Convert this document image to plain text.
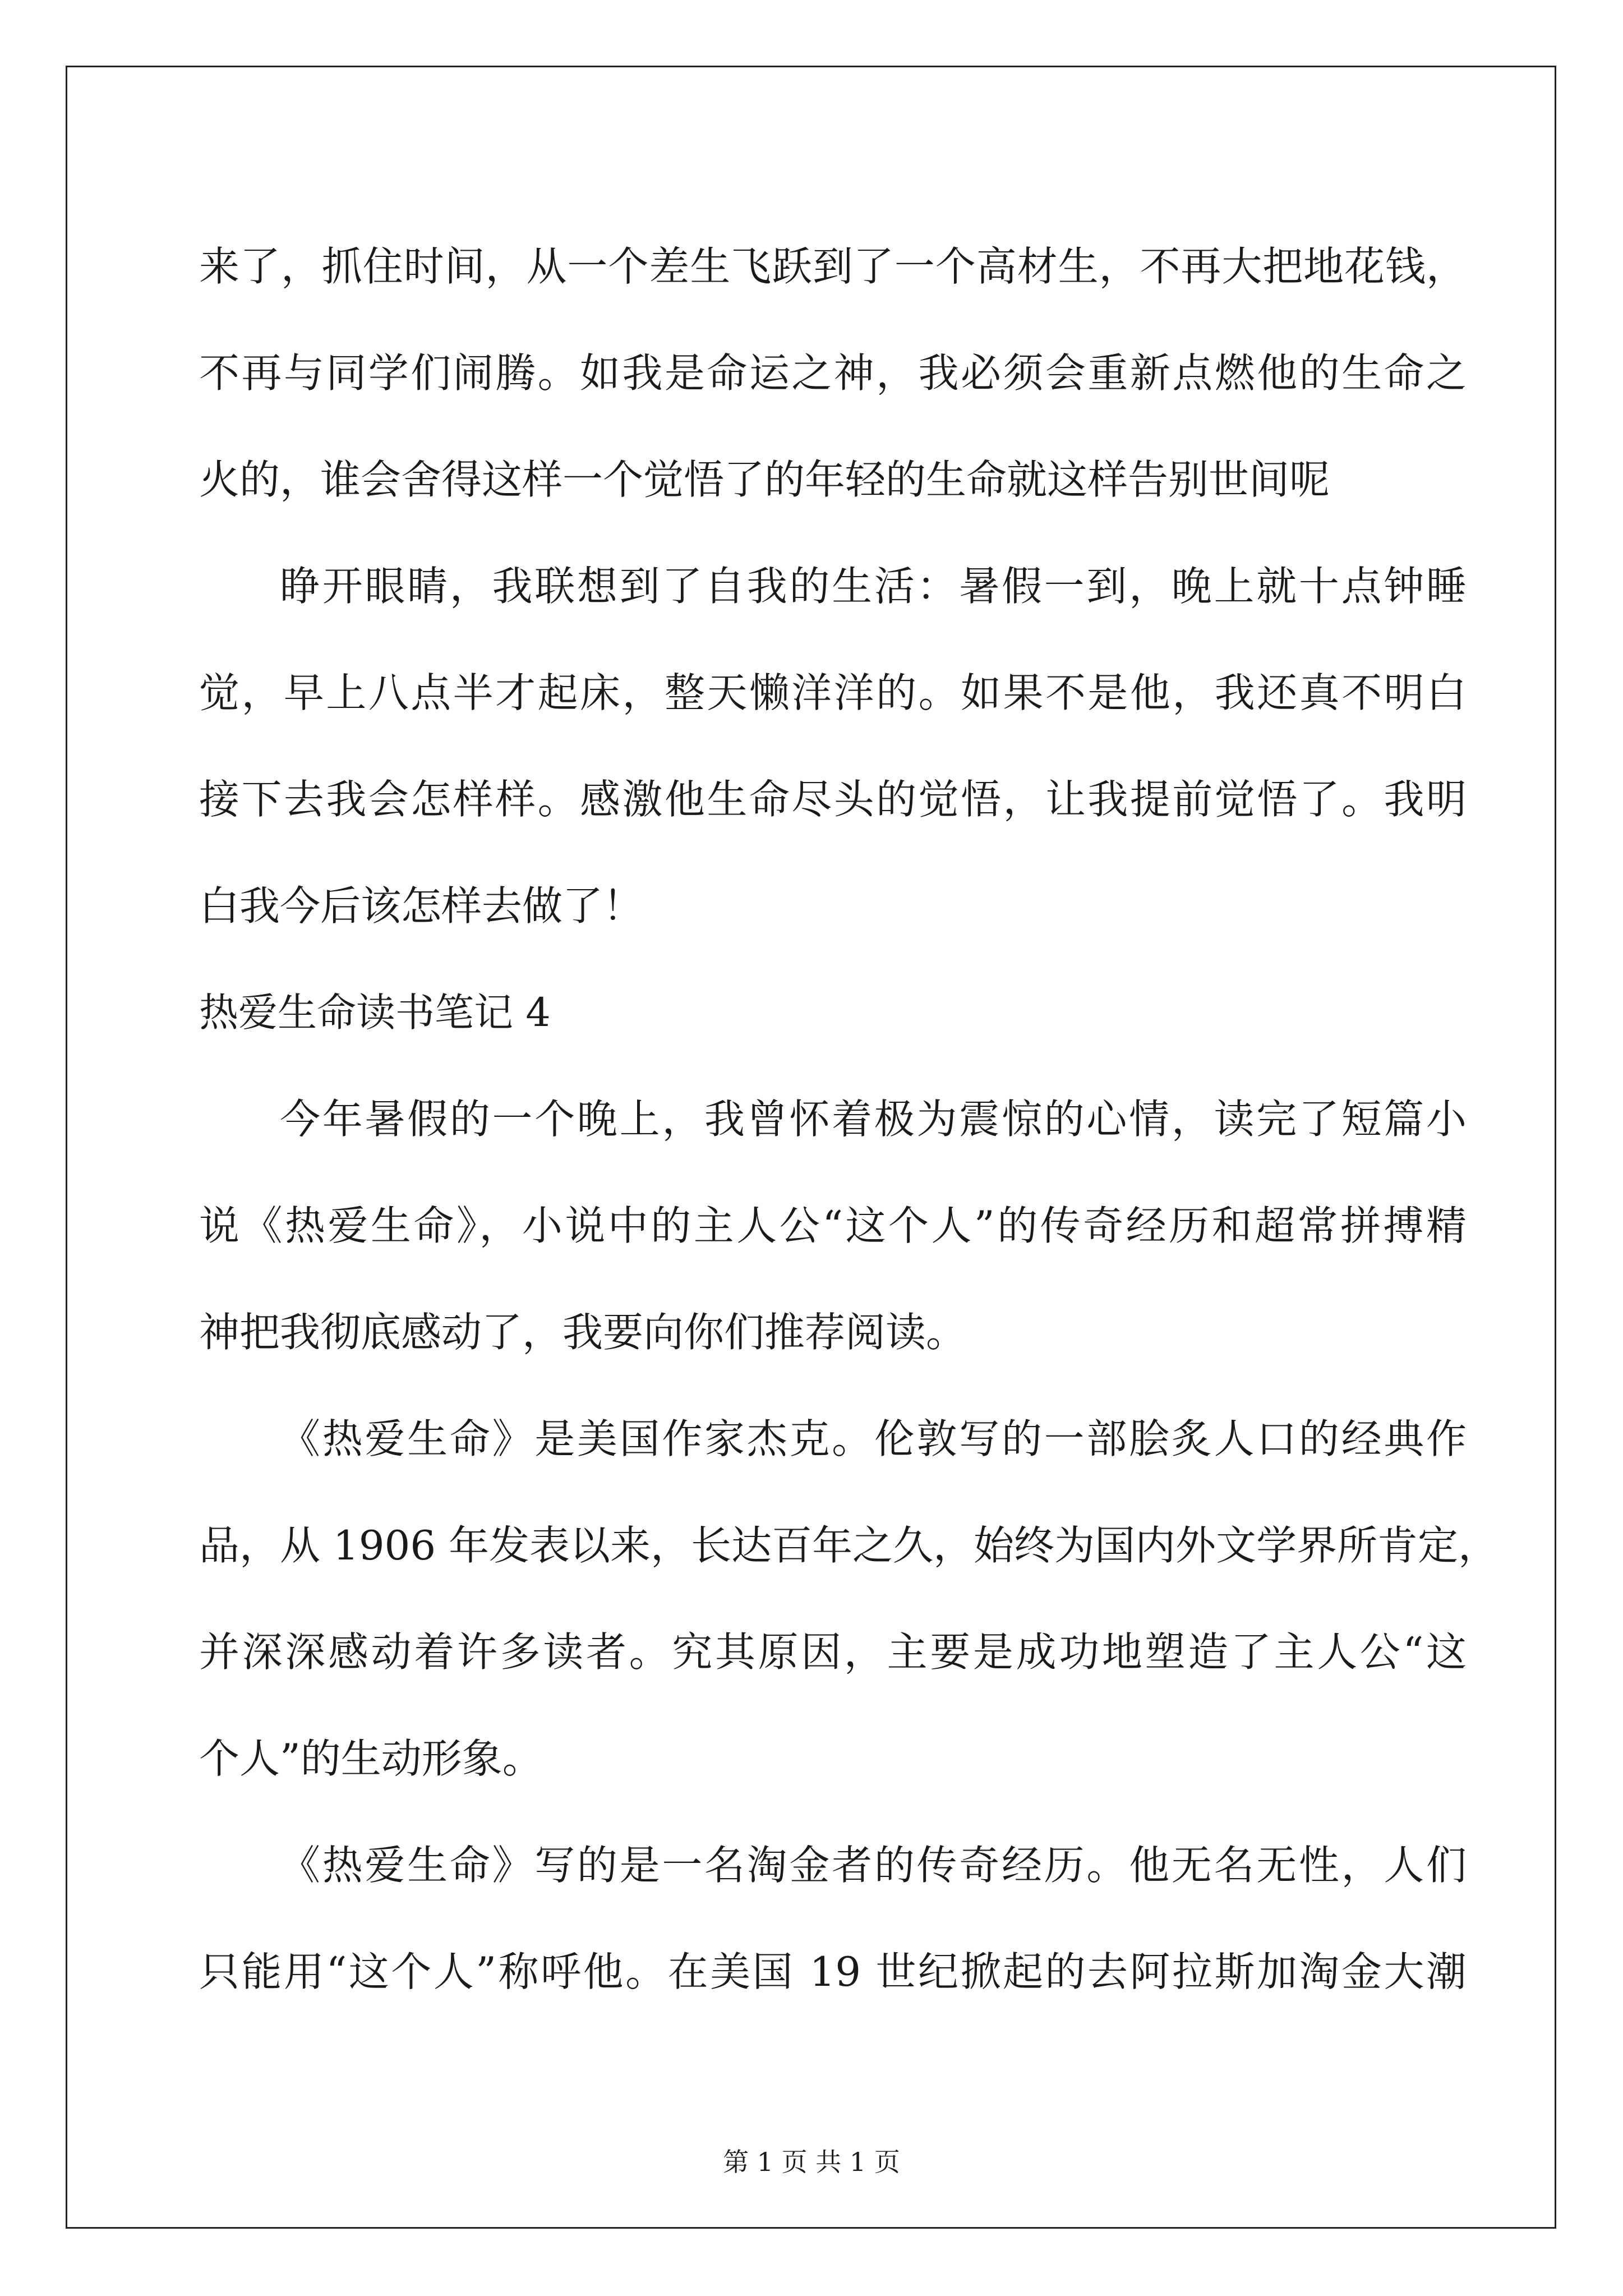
来了，抓住时间，从一个差生飞跃到了一个高材生，不再大把地花钱，
不再与同学们闹腾。如我是命运之神，我必须会重新点燃他的生命之
火的，谁会舍得这样一个觉悟了的年轻的生命就这样告别世间呢
睁开眼睛，我联想到了自我的生活：暑假一到，晚上就十点钟睡
觉，早上八点半才起床，整天懒洋洋的。如果不是他，我还真不明白
接下去我会怎样样。感激他生命尽头的觉悟，让我提前觉悟了。我明
白我今后该怎样去做了！
热爱生命读书笔记 4
今年暑假的一个晚上，我曾怀着极为震惊的心情，读完了短篇小
说《热爱生命》，小说中的主人公“这个人”的传奇经历和超常拼搏精
神把我彻底感动了，我要向你们推荐阅读。
《热爱生命》是美国作家杰克。伦敦写的一部脍炙人口的经典作
品，从 1906 年发表以来，长达百年之久，始终为国内外文学界所肯定，
并深深感动着许多读者。究其原因，主要是成功地塑造了主人公“这
个人”的生动形象。
《热爱生命》写的是一名淘金者的传奇经历。他无名无性，人们
只能用“这个人”称呼他。在美国 19 世纪掀起的去阿拉斯加淘金大潮
第 1 页 共 1 页
